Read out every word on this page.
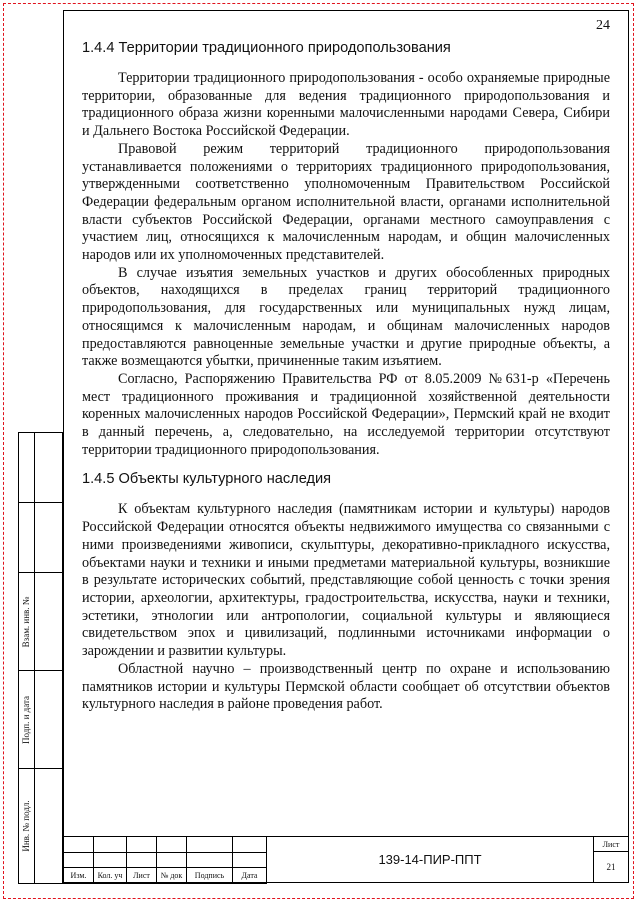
24
1.4.4 Территории традиционного природопользования

Территории традиционного природопользования - особо охраняемые природные территории, образованные для ведения традиционного природопользования и традиционного образа жизни коренными малочисленными народами Севера, Сибири и Дальнего Востока Российской Федерации.

Правовой режим территорий традиционного природопользования устанавливается положениями о территориях традиционного природопользования, утвержденными соответственно уполномоченным Правительством Российской Федерации федеральным органом исполнительной власти, органами исполнительной власти субъектов Российской Федерации, органами местного самоуправления с участием лиц, относящихся к малочисленным народам, и общин малочисленных народов или их уполномоченных представителей.

В случае изъятия земельных участков и других обособленных природных объектов, находящихся в пределах границ территорий традиционного природопользования, для государственных или муниципальных нужд лицам, относящимся к малочисленным народам, и общинам малочисленных народов предоставляются равноценные земельные участки и другие природные объекты, а также возмещаются убытки, причиненные таким изъятием.

Согласно, Распоряжению Правительства РФ от 8.05.2009 №631-р «Перечень мест традиционного проживания и традиционной хозяйственной деятельности коренных малочисленных народов Российской Федерации», Пермский край не входит в данный перечень, а, следовательно, на исследуемой территории отсутствуют территории традиционного природопользования.

1.4.5 Объекты культурного наследия

К объектам культурного наследия (памятникам истории и культуры) народов Российской Федерации относятся объекты недвижимого имущества со связанными с ними произведениями живописи, скульптуры, декоративно-прикладного искусства, объектами науки и техники и иными предметами материальной культуры, возникшие в результате исторических событий, представляющие собой ценность с точки зрения истории, археологии, архитектуры, градостроительства, искусства, науки и техники, эстетики, этнологии или антропологии, социальной культуры и являющиеся свидетельством эпох и цивилизаций, подлинными источниками информации о зарождении и развитии культуры.

Областной научно – производственный центр по охране и использованию памятников истории и культуры Пермской области сообщает об отсутствии объектов культурного наследия в районе проведения работ.

Взам. инв. №	

Подп. и дата	

Инв. № подл.	

Изм.	Кол. уч	Лист	№ док	Подпись	Дата
139-14-ПИР-ППТ
Лист
21
